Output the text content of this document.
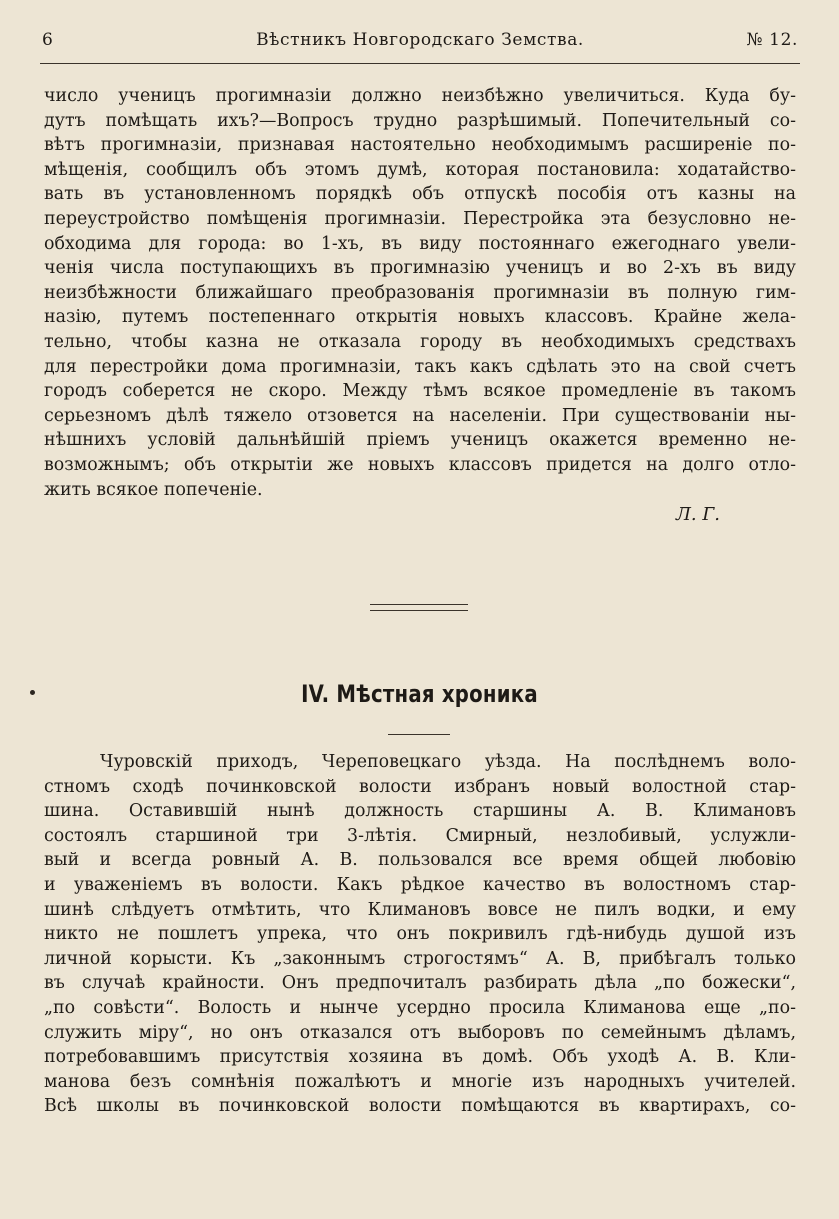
6	Вѣстникъ Новгородскаго Земства.	№ 12.
число ученицъ прогимназіи должно неизбѣжно увеличиться. Куда бу-
дутъ помѣщать ихъ?—Вопросъ трудно разрѣшимый. Попечительный со-
вѣтъ прогимназіи, признавая настоятельно необходимымъ расширеніе по-
мѣщенія, сообщилъ объ этомъ думѣ, которая постановила: ходатайство-
вать въ установленномъ порядкѣ объ отпускѣ пособія отъ казны на
переустройство помѣщенія прогимназіи. Перестройка эта безусловно не-
обходима для города: во 1-хъ, въ виду постояннаго ежегоднаго увели-
ченія числа поступающихъ въ прогимназію ученицъ и во 2-хъ въ виду
неизбѣжности ближайшаго преобразованія прогимназіи въ полную гим-
назію, путемъ постепеннаго открытія новыхъ классовъ. Крайне жела-
тельно, чтобы казна не отказала городу въ необходимыхъ средствахъ
для перестройки дома прогимназіи, такъ какъ сдѣлать это на свой счетъ
городъ соберется не скоро. Между тѣмъ всякое промедленіе въ такомъ
серьезномъ дѣлѣ тяжело отзовется на населеніи. При существованіи ны-
нѣшнихъ условій дальнѣйшій пріемъ ученицъ окажется временно не-
возможнымъ; объ открытіи же новыхъ классовъ придется на долго отло-
жить всякое попеченіе.
Л. Г.
IV. Мѣстная хроника
Чуровскій приходъ, Череповецкаго уѣзда. На послѣднемъ воло-
стномъ сходѣ починковской волости избранъ новый волостной стар-
шина. Оставившій нынѣ должность старшины А. В. Климановъ
состоялъ старшиной три 3-лѣтія. Смирный, незлобивый, услужли-
вый и всегда ровный А. В. пользовался все время общей любовію
и уваженіемъ въ волости. Какъ рѣдкое качество въ волостномъ стар-
шинѣ слѣдуетъ отмѣтить, что Климановъ вовсе не пилъ водки, и ему
никто не пошлетъ упрека, что онъ покривилъ гдѣ-нибудь душой изъ
личной корысти. Къ „законнымъ строгостямъ“ А. В, прибѣгалъ только
въ случаѣ крайности. Онъ предпочиталъ разбирать дѣла „по божески“,
„по совѣсти“. Волость и нынче усердно просила Климанова еще „по-
служить міру“, но онъ отказался отъ выборовъ по семейнымъ дѣламъ,
потребовавшимъ присутствія хозяина въ домѣ. Объ уходѣ А. В. Кли-
манова безъ сомнѣнія пожалѣютъ и многіе изъ народныхъ учителей.
Всѣ школы въ починковской волости помѣщаются въ квартирахъ, со-
